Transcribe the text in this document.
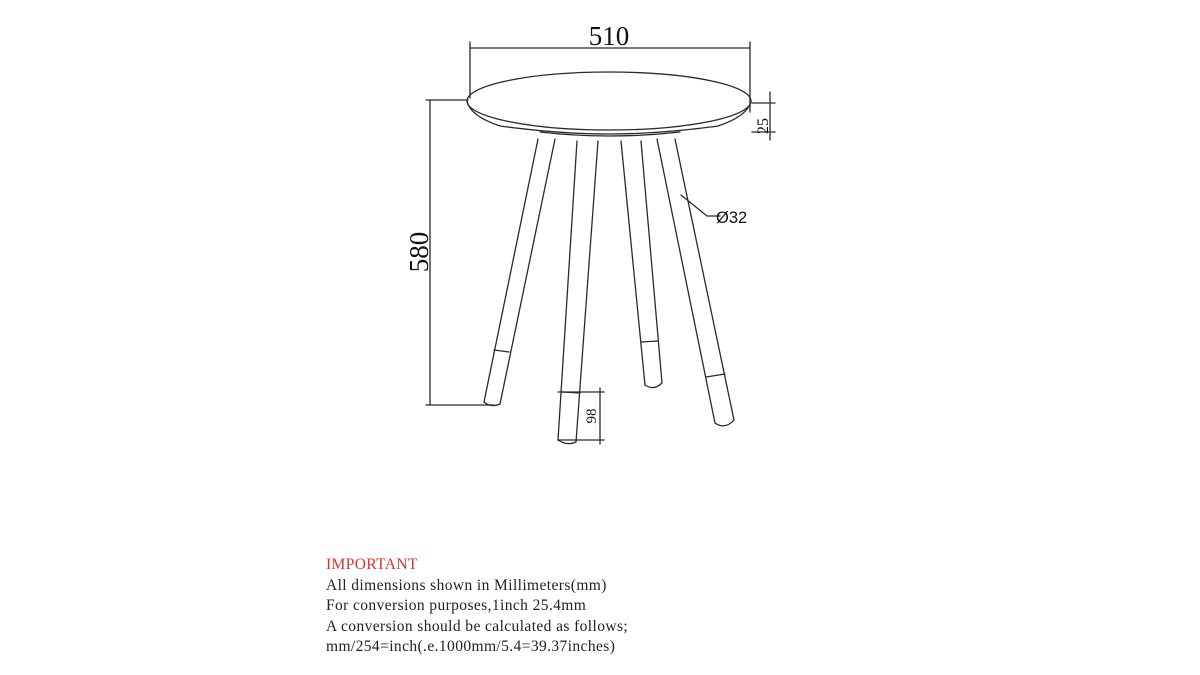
510
580
25
98
Ø32
IMPORTANT
All dimensions shown in Millimeters(mm)
For conversion purposes,1inch 25.4mm
A conversion should be calculated as follows;
mm/254=inch(.e.1000mm/5.4=39.37inches)
